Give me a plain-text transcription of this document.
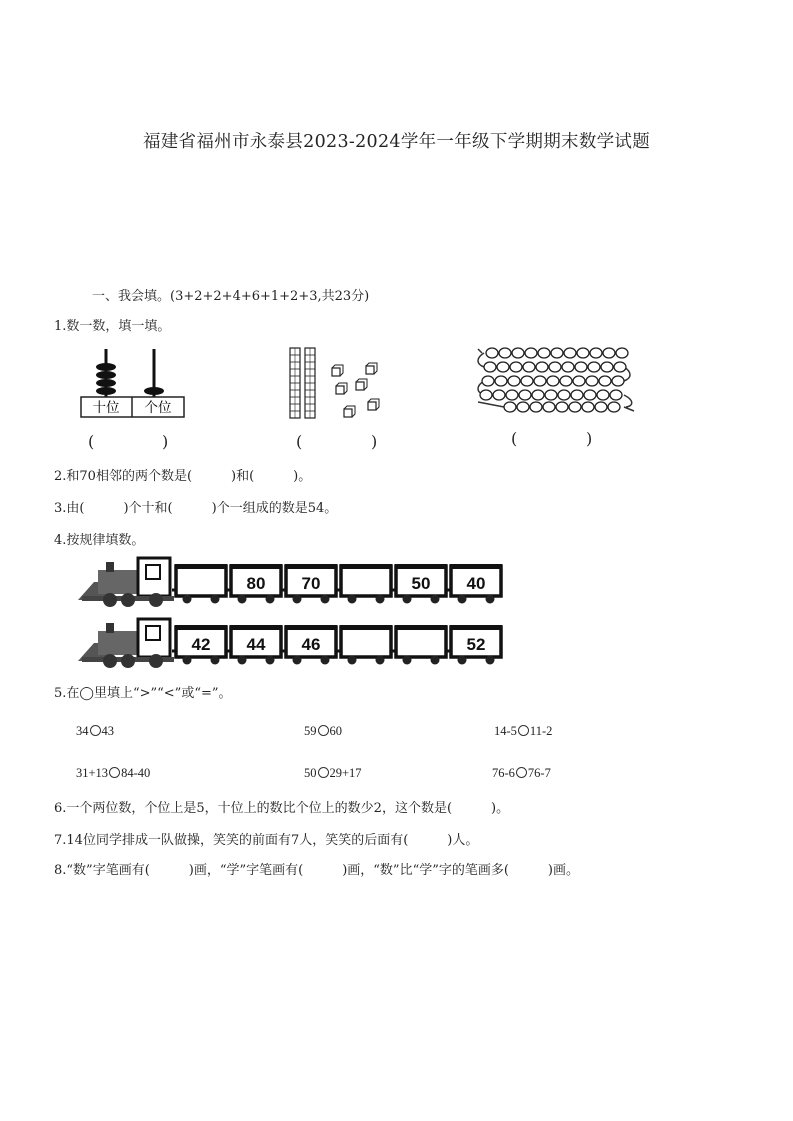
福建省福州市永泰县2023-2024学年一年级下学期期末数学试题
一、我会填。(3+2+2+4+6+1+2+3,共23分)
1.数一数，填一填。
十位 个位
(	)	(	)	(	)
2.和70相邻的两个数是(　　　)和(　　　)。
3.由(　　　)个十和(　　　)个一组成的数是54。
4.按规律填数。
80 70	50 40
42 44 46	52
5.在◯里填上“>”“<”或“=”。
34 43	59 60	14-5 11-2
31+13 84-40	50 29+17	76-6 76-7
6.一个两位数，个位上是5，十位上的数比个位上的数少2，这个数是(　　　)。
7.14位同学排成一队做操，笑笑的前面有7人，笑笑的后面有(　　　)人。
8.“数”字笔画有(　　　)画，“学”字笔画有(　　　)画，“数”比“学”字的笔画多(　　　)画。
